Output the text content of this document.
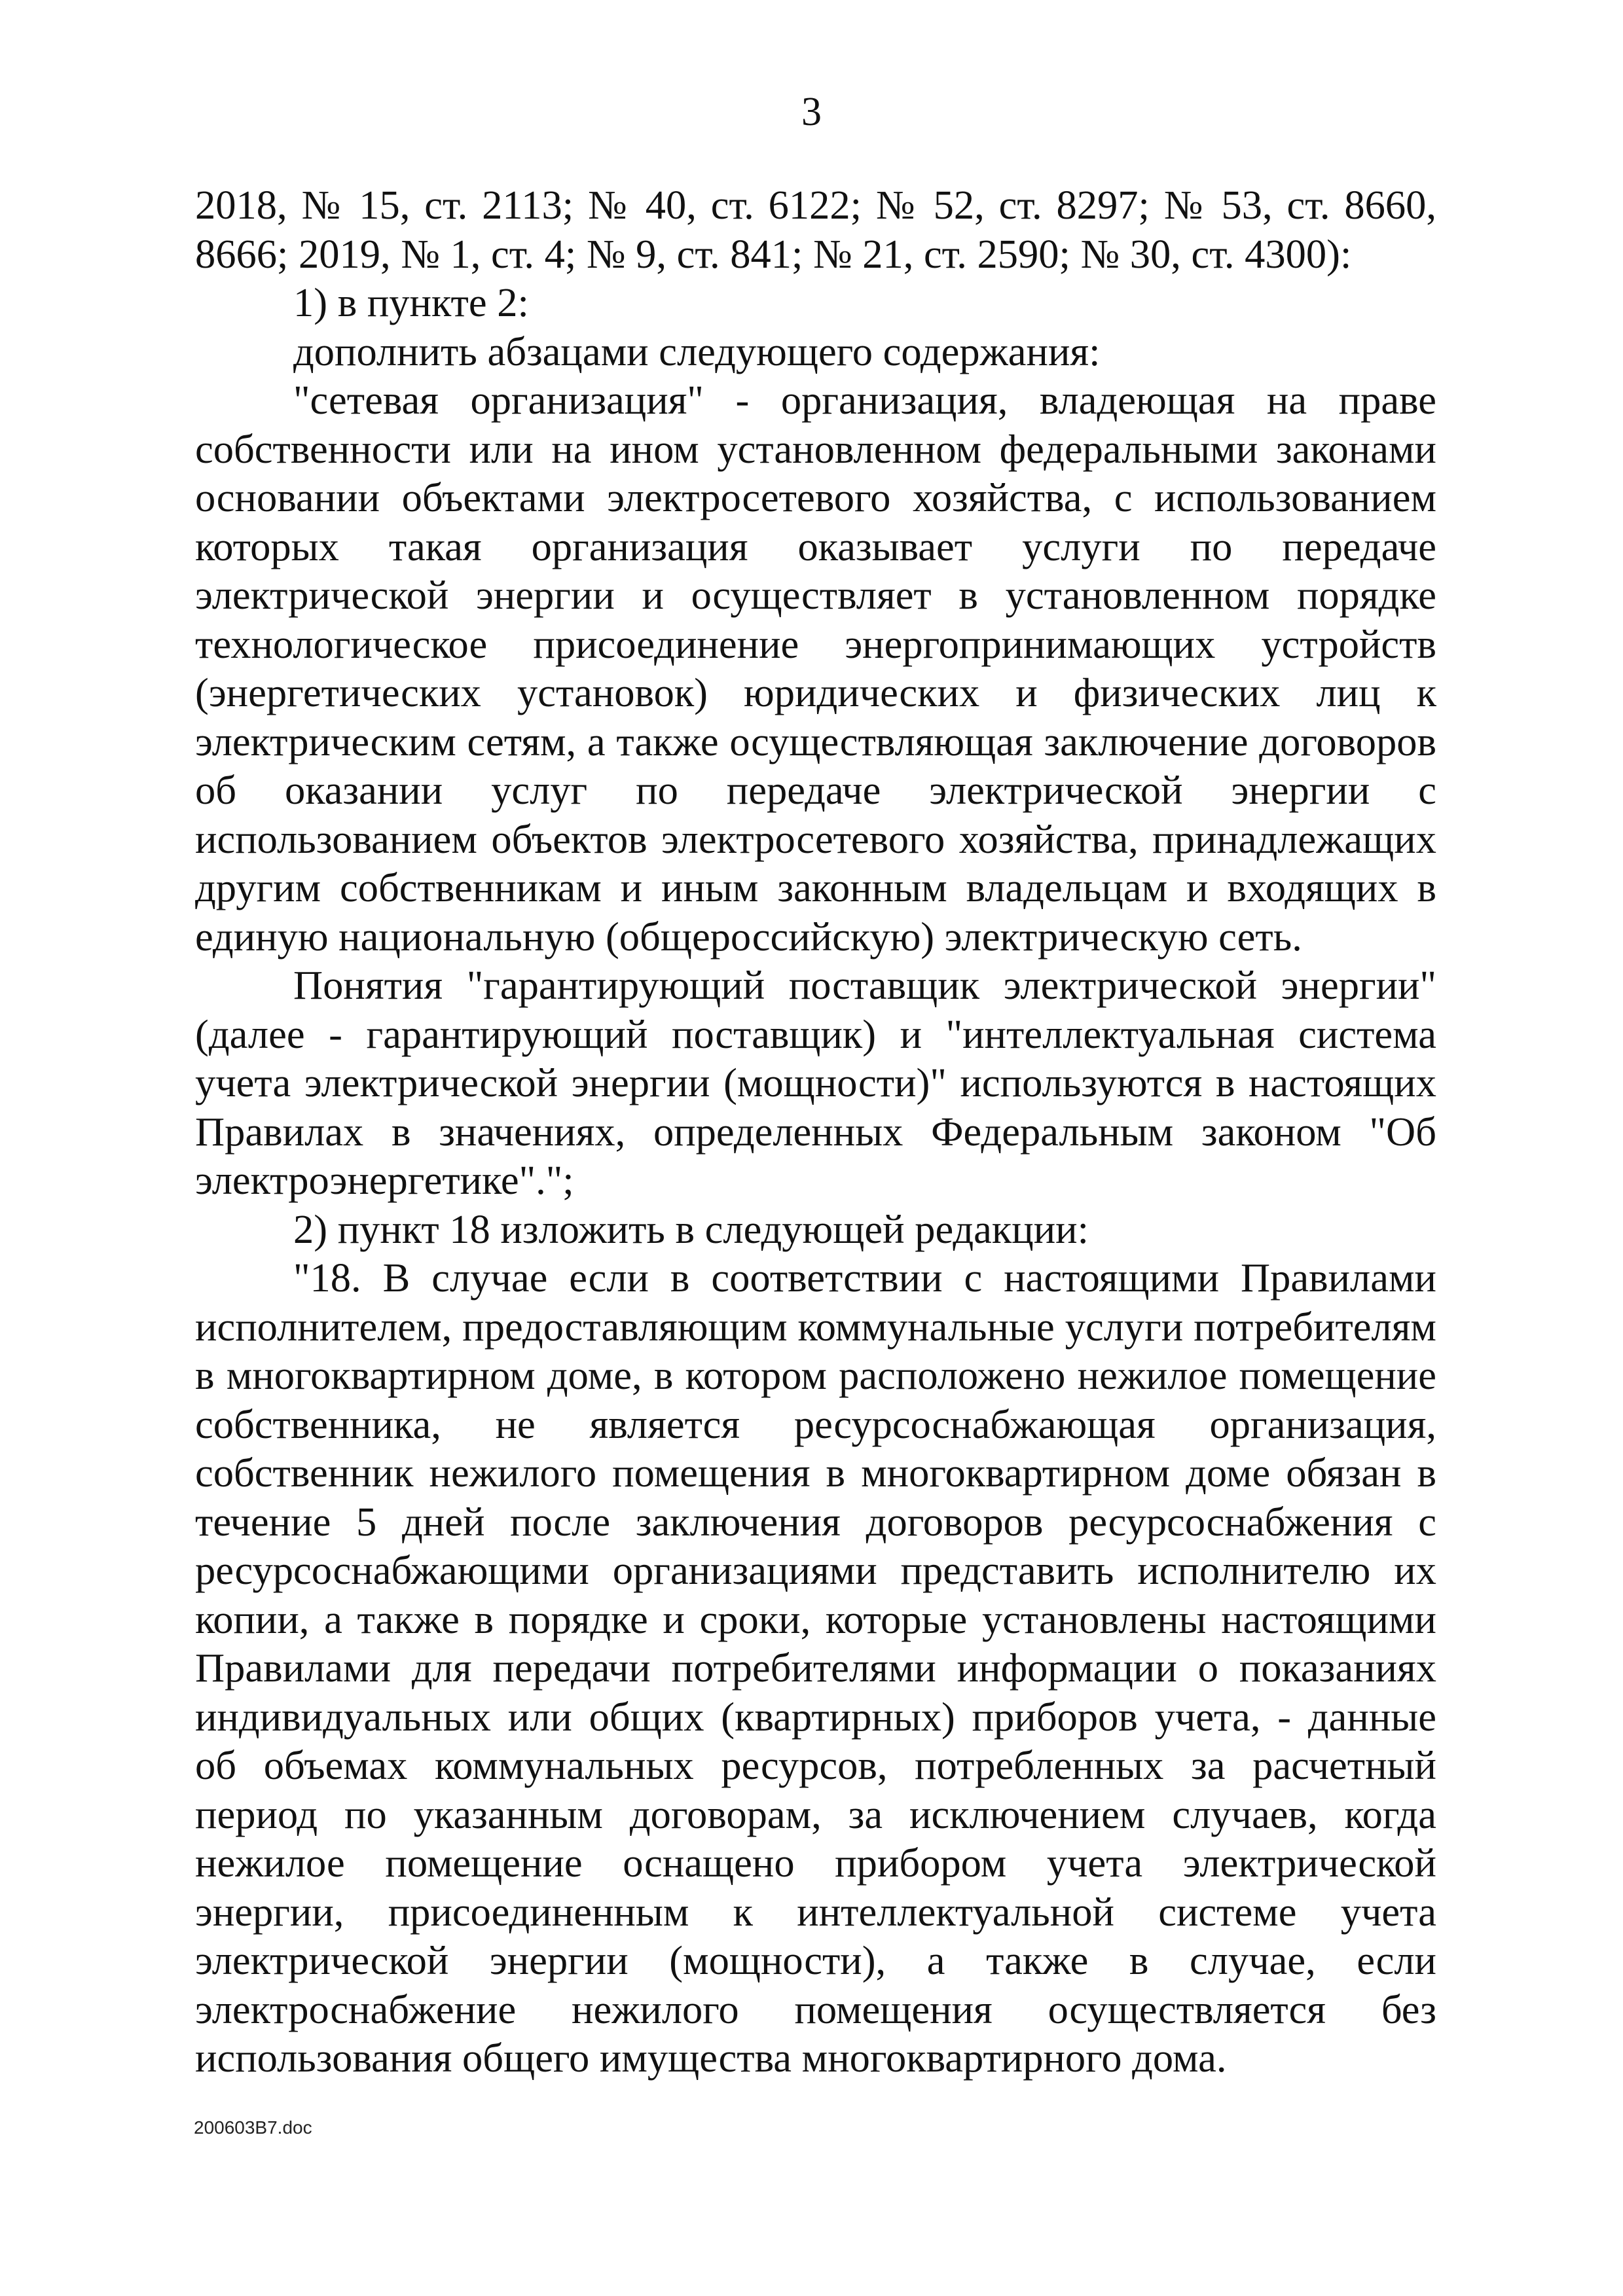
3

2018, № 15, ст. 2113; № 40, ст. 6122; № 52, ст. 8297; № 53, ст. 8660, 8666; 2019, № 1, ст. 4; № 9, ст. 841; № 21, ст. 2590; № 30, ст. 4300):

1) в пункте 2:

дополнить абзацами следующего содержания:

"сетевая организация" - организация, владеющая на праве собственности или на ином установленном федеральными законами основании объектами электросетевого хозяйства, с использованием которых такая организация оказывает услуги по передаче электрической энергии и осуществляет в установленном порядке технологическое присоединение энергопринимающих устройств (энергетических установок) юридических и физических лиц к электрическим сетям, а также осуществляющая заключение договоров об оказании услуг по передаче электрической энергии с использованием объектов электросетевого хозяйства, принадлежащих другим собственникам и иным законным владельцам и входящих в единую национальную (общероссийскую) электрическую сеть.

Понятия "гарантирующий поставщик электрической энергии" (далее - гарантирующий поставщик) и "интеллектуальная система учета электрической энергии (мощности)" используются в настоящих Правилах в значениях, определенных Федеральным законом "Об электроэнергетике".";

2) пункт 18 изложить в следующей редакции:

"18. В случае если в соответствии с настоящими Правилами исполнителем, предоставляющим коммунальные услуги потребителям в многоквартирном доме, в котором расположено нежилое помещение собственника, не является ресурсоснабжающая организация, собственник нежилого помещения в многоквартирном доме обязан в течение 5 дней после заключения договоров ресурсоснабжения с ресурсоснабжающими организациями представить исполнителю их копии, а также в порядке и сроки, которые установлены настоящими Правилами для передачи потребителями информации о показаниях индивидуальных или общих (квартирных) приборов учета, - данные об объемах коммунальных ресурсов, потребленных за расчетный период по указанным договорам, за исключением случаев, когда нежилое помещение оснащено прибором учета электрической энергии, присоединенным к интеллектуальной системе учета электрической энергии (мощности), а также в случае, если электроснабжение нежилого помещения осуществляется без использования общего имущества многоквартирного дома.

200603B7.doc
